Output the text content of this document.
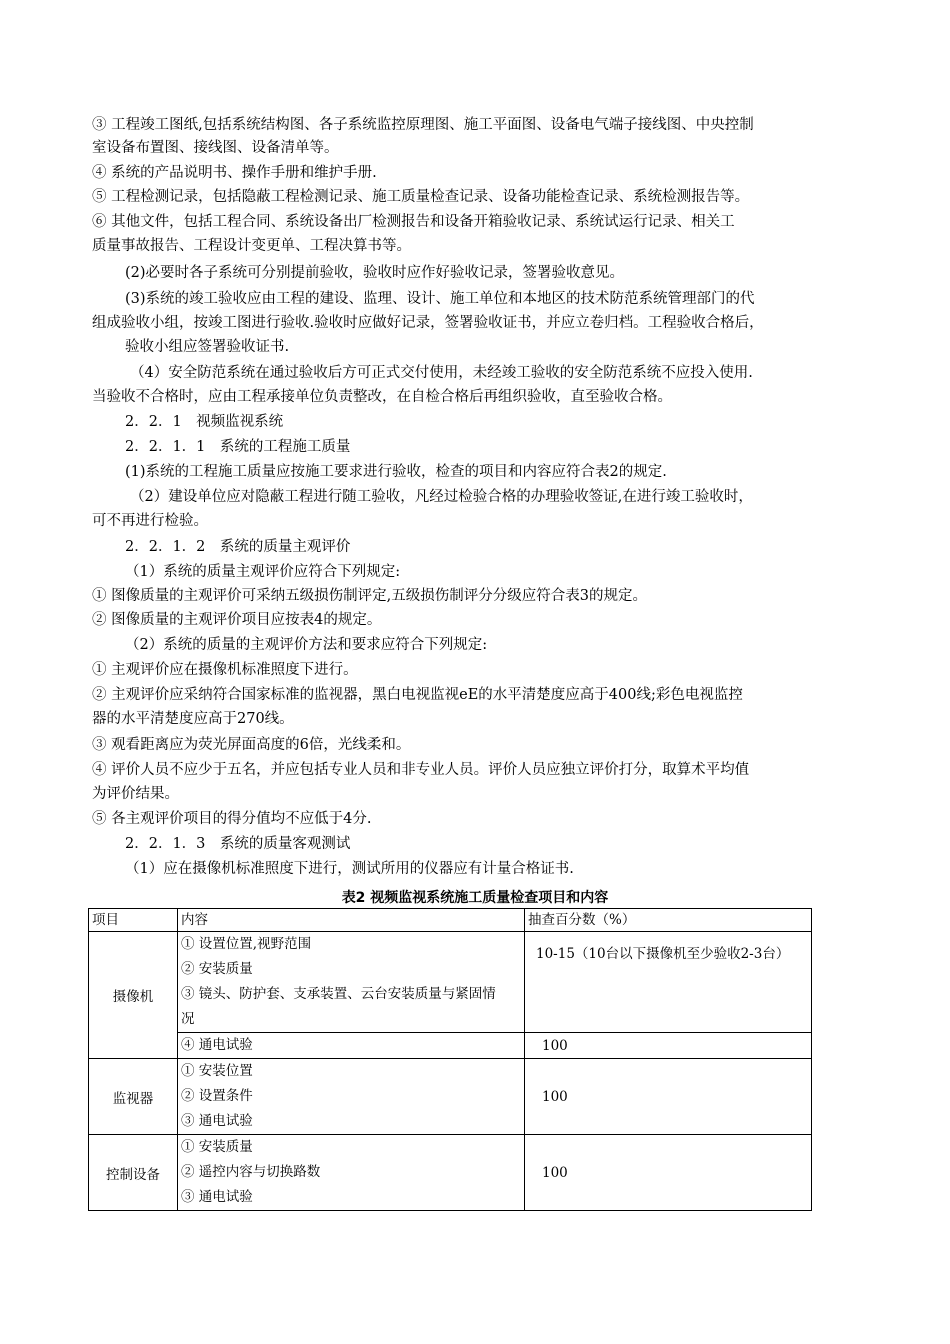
③ 工程竣工图纸,包括系统结构图、各子系统监控原理图、施工平面图、设备电气端子接线图、中央控制
室设备布置图、接线图、设备清单等。
④ 系统的产品说明书、操作手册和维护手册.
⑤ 工程检测记录，包括隐蔽工程检测记录、施工质量检查记录、设备功能检查记录、系统检测报告等。
⑥ 其他文件，包括工程合同、系统设备出厂检测报告和设备开箱验收记录、系统试运行记录、相关工
质量事故报告、工程设计变更单、工程决算书等。
(2)必要时各子系统可分别提前验收，验收时应作好验收记录，签署验收意见。
(3)系统的竣工验收应由工程的建设、监理、设计、施工单位和本地区的技术防范系统管理部门的代
组成验收小组，按竣工图进行验收.验收时应做好记录，签署验收证书，并应立卷归档。工程验收合格后，
验收小组应签署验收证书.
（4）安全防范系统在通过验收后方可正式交付使用，未经竣工验收的安全防范系统不应投入使用.
当验收不合格时，应由工程承接单位负责整改，在自检合格后再组织验收，直至验收合格。
2．2．1　视频监视系统
2．2．1．1　系统的工程施工质量
(1)系统的工程施工质量应按施工要求进行验收，检查的项目和内容应符合表2的规定.
（2）建设单位应对隐蔽工程进行随工验收，凡经过检验合格的办理验收签证,在进行竣工验收时，
可不再进行检验。
2．2．1．2　系统的质量主观评价
（1）系统的质量主观评价应符合下列规定:
① 图像质量的主观评价可采纳五级损伤制评定,五级损伤制评分分级应符合表3的规定。
② 图像质量的主观评价项目应按表4的规定。
（2）系统的质量的主观评价方法和要求应符合下列规定:
① 主观评价应在摄像机标准照度下进行。
② 主观评价应采纳符合国家标准的监视器，黑白电视监视eE的水平清楚度应高于400线;彩色电视监控
器的水平清楚度应高于270线。
③ 观看距离应为荧光屏面高度的6倍，光线柔和。
④ 评价人员不应少于五名，并应包括专业人员和非专业人员。评价人员应独立评价打分，取算术平均值
为评价结果。
⑤ 各主观评价项目的得分值均不应低于4分.
2．2．1．3　系统的质量客观测试
（1）应在摄像机标准照度下进行，测试所用的仪器应有计量合格证书.
表2 视频监视系统施工质量检查项目和内容
项目	内容	抽查百分数（%）
摄像机	① 设置位置,视野范围
② 安装质量
③ 镜头、防护套、支承装置、云台安装质量与紧固情
况	10-15（10台以下摄像机至少验收2-3台）

	④ 通电试验	100
监视器	① 安装位置
② 设置条件
③ 通电试验	100
控制设备	① 安装质量
② 遥控内容与切换路数
③ 通电试验	100
